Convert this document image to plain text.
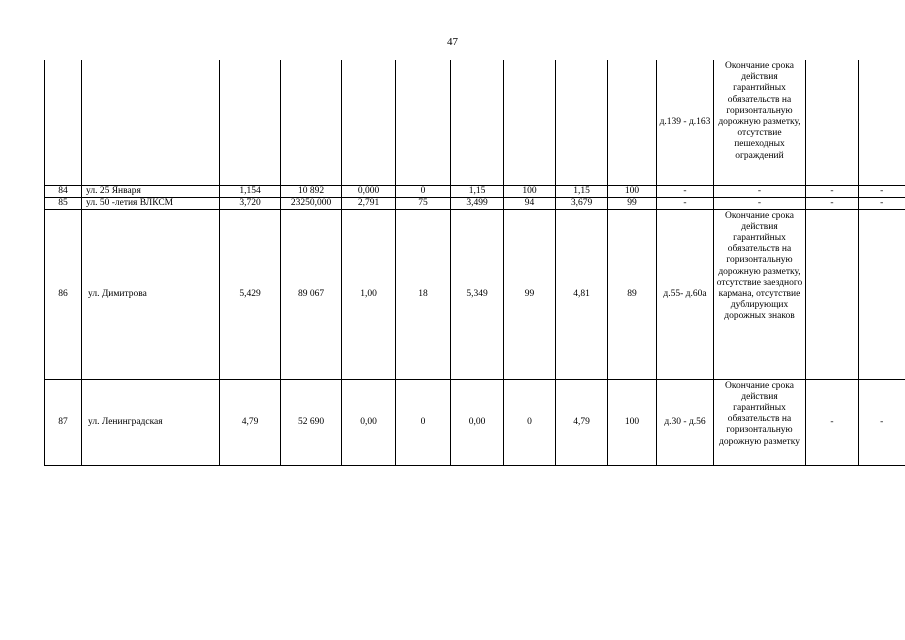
47
										д.139 - д.163	Окончание срока действия гарантийных обязательств на горизонтальную дорожную разметку, отсутствие пешеходных ограждений		
84	ул. 25 Января	1,154	10 892	0,000	0	1,15	100	1,15	100	-	-	-	-
85	ул. 50 -летия ВЛКСМ	3,720	23250,000	2,791	75	3,499	94	3,679	99	-	-	-	-
86	ул. Димитрова	5,429	89 067	1,00	18	5,349	99	4,81	89	д.55- д.60а	Окончание срока действия гарантийных обязательств на горизонтальную дорожную разметку, отсутствие заездного кармана, отсутствие дублирующих дорожных знаков		
87	ул. Ленинградская	4,79	52 690	0,00	0	0,00	0	4,79	100	д.30 - д.56	Окончание срока действия гарантийных обязательств на горизонтальную дорожную разметку	-	-
